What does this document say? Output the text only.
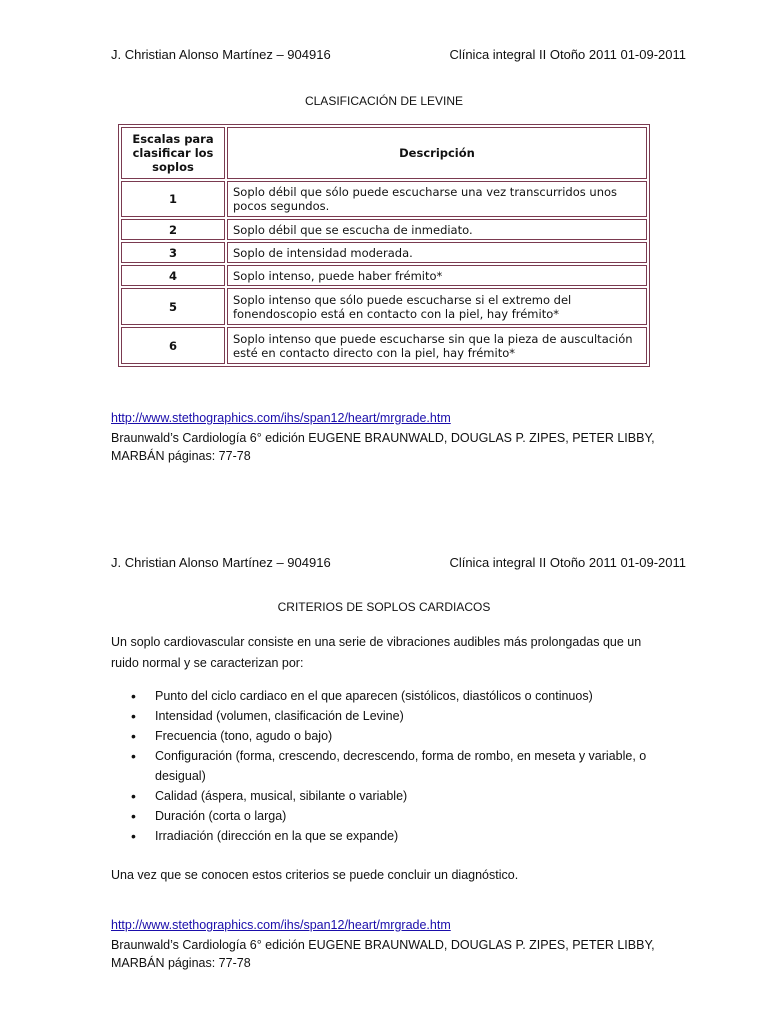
J. Christian Alonso Martínez – 904916	Clínica integral II Otoño 2011 01-09-2011
CLASIFICACIÓN DE LEVINE
Escalas para clasificar los soplos	Descripción
1	Soplo débil que sólo puede escucharse una vez transcurridos unos pocos segundos.
2	Soplo débil que se escucha de inmediato.
3	Soplo de intensidad moderada.
4	Soplo intenso, puede haber frémito*
5	Soplo intenso que sólo puede escucharse si el extremo del fonendoscopio está en contacto con la piel, hay frémito*
6	Soplo intenso que puede escucharse sin que la pieza de auscultación esté en contacto directo con la piel, hay frémito*
http://www.stethographics.com/ihs/span12/heart/mrgrade.htm
Braunwald’s Cardiología 6° edición EUGENE BRAUNWALD, DOUGLAS P. ZIPES, PETER LIBBY, MARBÁN páginas: 77-78
J. Christian Alonso Martínez – 904916	Clínica integral II Otoño 2011 01-09-2011
CRITERIOS DE SOPLOS CARDIACOS
Un soplo cardiovascular consiste en una serie de vibraciones audibles más prolongadas que un ruido normal y se caracterizan por:
• Punto del ciclo cardiaco en el que aparecen (sistólicos, diastólicos o continuos)
• Intensidad (volumen, clasificación de Levine)
• Frecuencia (tono, agudo o bajo)
• Configuración (forma, crescendo, decrescendo, forma de rombo, en meseta y variable, o desigual)
• Calidad (áspera, musical, sibilante o variable)
• Duración (corta o larga)
• Irradiación (dirección en la que se expande)
Una vez que se conocen estos criterios se puede concluir un diagnóstico.
http://www.stethographics.com/ihs/span12/heart/mrgrade.htm
Braunwald’s Cardiología 6° edición EUGENE BRAUNWALD, DOUGLAS P. ZIPES, PETER LIBBY, MARBÁN páginas: 77-78
